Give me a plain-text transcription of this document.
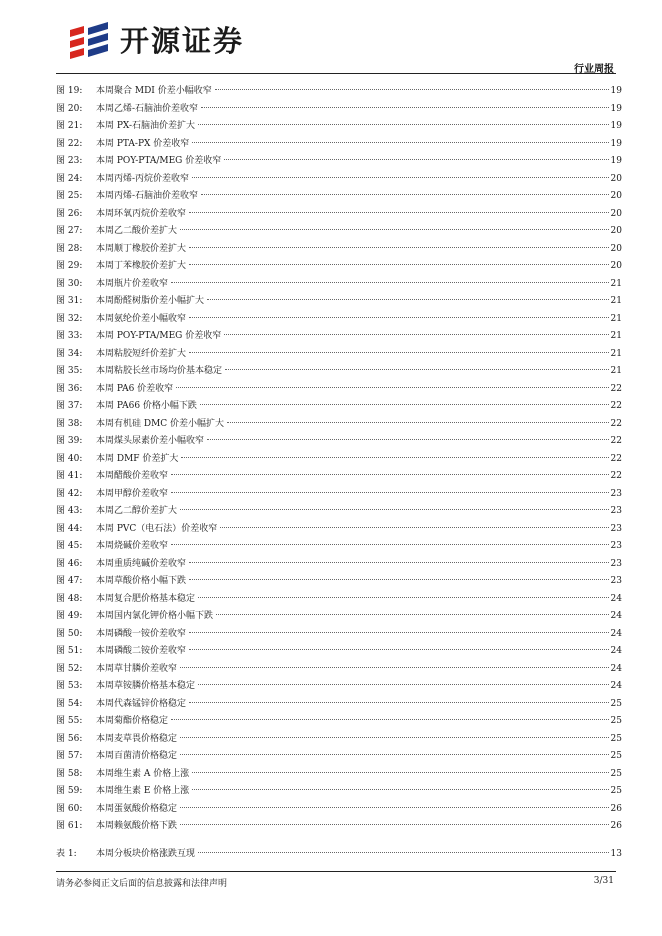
开源证券
行业周报
图 19:	本周聚合 MDI 价差小幅收窄	19
图 20:	本周乙烯-石脑油价差收窄	19
图 21:	本周 PX-石脑油价差扩大	19
图 22:	本周 PTA-PX 价差收窄	19
图 23:	本周 POY-PTA/MEG 价差收窄	19
图 24:	本周丙烯-丙烷价差收窄	20
图 25:	本周丙烯-石脑油价差收窄	20
图 26:	本周环氧丙烷价差收窄	20
图 27:	本周乙二酸价差扩大	20
图 28:	本周顺丁橡胶价差扩大	20
图 29:	本周丁苯橡胶价差扩大	20
图 30:	本周瓶片价差收窄	21
图 31:	本周酚醛树脂价差小幅扩大	21
图 32:	本周氨纶价差小幅收窄	21
图 33:	本周 POY-PTA/MEG 价差收窄	21
图 34:	本周粘胶短纤价差扩大	21
图 35:	本周粘胶长丝市场均价基本稳定	21
图 36:	本周 PA6 价差收窄	22
图 37:	本周 PA66 价格小幅下跌	22
图 38:	本周有机硅 DMC 价差小幅扩大	22
图 39:	本周煤头尿素价差小幅收窄	22
图 40:	本周 DMF 价差扩大	22
图 41:	本周醋酸价差收窄	22
图 42:	本周甲醇价差收窄	23
图 43:	本周乙二醇价差扩大	23
图 44:	本周 PVC（电石法）价差收窄	23
图 45:	本周烧碱价差收窄	23
图 46:	本周重质纯碱价差收窄	23
图 47:	本周草酸价格小幅下跌	23
图 48:	本周复合肥价格基本稳定	24
图 49:	本周国内氯化钾价格小幅下跌	24
图 50:	本周磷酸一铵价差收窄	24
图 51:	本周磷酸二铵价差收窄	24
图 52:	本周草甘膦价差收窄	24
图 53:	本周草铵膦价格基本稳定	24
图 54:	本周代森锰锌价格稳定	25
图 55:	本周菊酯价格稳定	25
图 56:	本周麦草畏价格稳定	25
图 57:	本周百菌清价格稳定	25
图 58:	本周维生素 A 价格上涨	25
图 59:	本周维生素 E 价格上涨	25
图 60:	本周蛋氨酸价格稳定	26
图 61:	本周赖氨酸价格下跌	26
表 1:	本周分板块价格涨跌互现	13
请务必参阅正文后面的信息披露和法律声明	3/31
